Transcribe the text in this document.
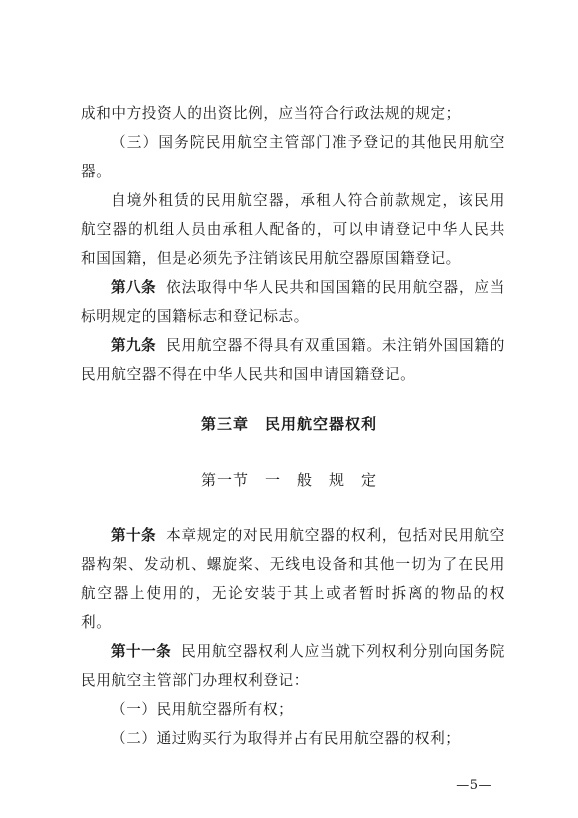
成和中方投资人的出资比例，应当符合行政法规的规定；

（三）国务院民用航空主管部门准予登记的其他民用航空器。

自境外租赁的民用航空器，承租人符合前款规定，该民用航空器的机组人员由承租人配备的，可以申请登记中华人民共和国国籍，但是必须先予注销该民用航空器原国籍登记。

第八条 依法取得中华人民共和国国籍的民用航空器，应当标明规定的国籍标志和登记标志。

第九条 民用航空器不得具有双重国籍。未注销外国国籍的民用航空器不得在中华人民共和国申请国籍登记。

第三章　民用航空器权利
第一节　一　般　规　定

第十条 本章规定的对民用航空器的权利，包括对民用航空器构架、发动机、螺旋桨、无线电设备和其他一切为了在民用航空器上使用的，无论安装于其上或者暂时拆离的物品的权利。

第十一条 民用航空器权利人应当就下列权利分别向国务院民用航空主管部门办理权利登记：

（一）民用航空器所有权；

（二）通过购买行为取得并占有民用航空器的权利；

—5—
